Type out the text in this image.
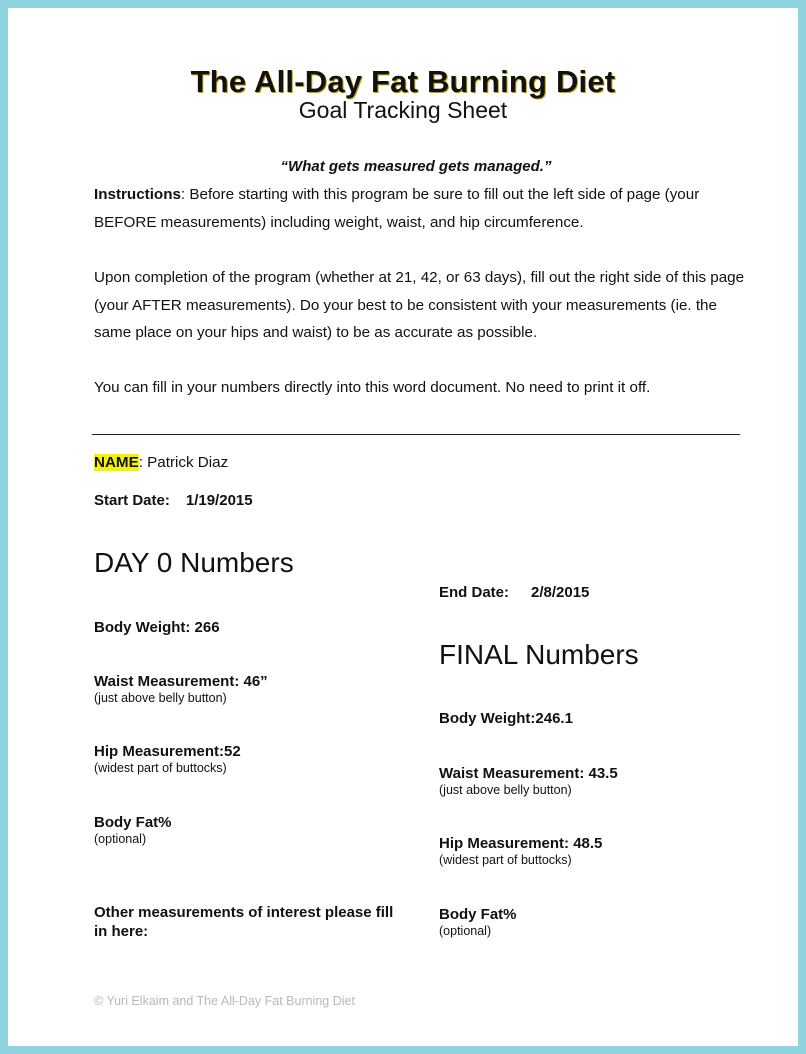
The All-Day Fat Burning Diet
Goal Tracking Sheet
“What gets measured gets managed.”
Instructions: Before starting with this program be sure to fill out the left side of page (your BEFORE measurements) including weight, waist, and hip circumference.
Upon completion of the program (whether at 21, 42, or 63 days), fill out the right side of this page (your AFTER measurements). Do your best to be consistent with your measurements (ie. the same place on your hips and waist) to be as accurate as possible.
You can fill in your numbers directly into this word document. No need to print it off.
NAME: Patrick Diaz
Start Date: 1/19/2015
DAY 0 Numbers
Body Weight: 266
Waist Measurement: 46”
(just above belly button)
Hip Measurement:52
(widest part of buttocks)
Body Fat%
(optional)
Other measurements of interest please fill in here:
End Date: 2/8/2015
FINAL Numbers
Body Weight:246.1
Waist Measurement: 43.5
(just above belly button)
Hip Measurement: 48.5
(widest part of buttocks)
Body Fat%
(optional)
© Yuri Elkaim and The All-Day Fat Burning Diet
